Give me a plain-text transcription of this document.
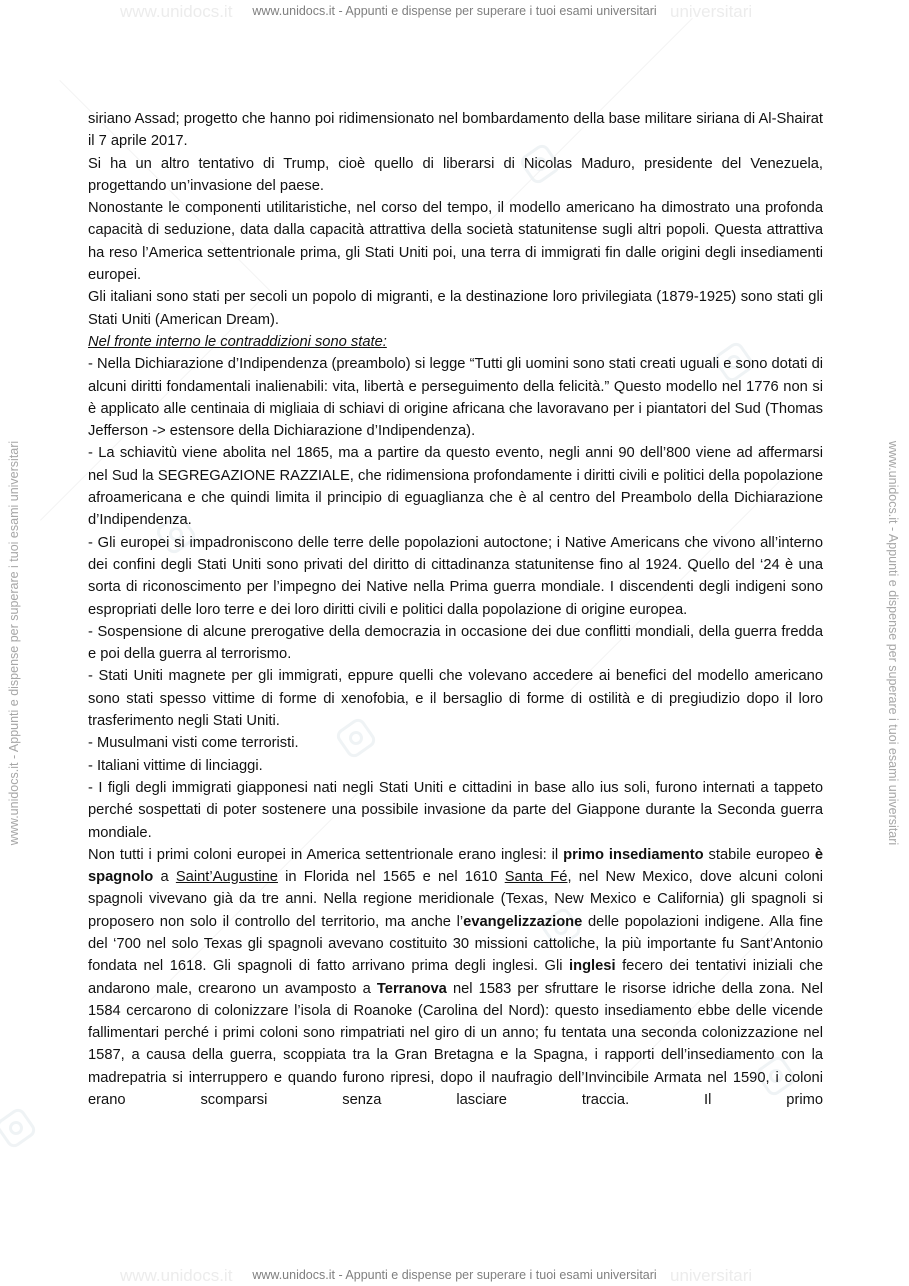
www.unidocs.it	universitari
www.unidocs.it	universitari
www.unidocs.it - Appunti e dispense per superare i tuoi esami universitari
www.unidocs.it - Appunti e dispense per superare i tuoi esami universitari	www.unidocs.it - Appunti e dispense per superare i tuoi esami universitari

siriano Assad; progetto che hanno poi ridimensionato nel bombardamento della base militare siriana di Al-Shairat il 7 aprile 2017.

Si ha un altro tentativo di Trump, cioè quello di liberarsi di Nicolas Maduro, presidente del Venezuela, progettando un’invasione del paese.

Nonostante le componenti utilitaristiche, nel corso del tempo, il modello americano ha dimostrato una profonda capacità di seduzione, data dalla capacità attrattiva della società statunitense sugli altri popoli. Questa attrattiva ha reso l’America settentrionale prima, gli Stati Uniti poi, una terra di immigrati fin dalle origini degli insediamenti europei.

Gli italiani sono stati per secoli un popolo di migranti, e la destinazione loro privilegiata (1879-1925) sono stati gli Stati Uniti (American Dream).

Nel fronte interno le contraddizioni sono state:

- Nella Dichiarazione d’Indipendenza (preambolo) si legge “Tutti gli uomini sono stati creati uguali e sono dotati di alcuni diritti fondamentali inalienabili: vita, libertà e perseguimento della felicità.” Questo modello nel 1776 non si è applicato alle centinaia di migliaia di schiavi di origine africana che lavoravano per i piantatori del Sud (Thomas Jefferson -> estensore della Dichiarazione d’Indipendenza).

- La schiavitù viene abolita nel 1865, ma a partire da questo evento, negli anni 90 dell’800 viene ad affermarsi nel Sud la SEGREGAZIONE RAZZIALE, che ridimensiona profondamente i diritti civili e politici della popolazione afroamericana e che quindi limita il principio di eguaglianza che è al centro del Preambolo della Dichiarazione d’Indipendenza.

- Gli europei si impadroniscono delle terre delle popolazioni autoctone; i Native Americans che vivono all’interno dei confini degli Stati Uniti sono privati del diritto di cittadinanza statunitense fino al 1924. Quello del ‘24 è una sorta di riconoscimento per l’impegno dei Native nella Prima guerra mondiale. I discendenti degli indigeni sono espropriati delle loro terre e dei loro diritti civili e politici dalla popolazione di origine europea.

- Sospensione di alcune prerogative della democrazia in occasione dei due conflitti mondiali, della guerra fredda e poi della guerra al terrorismo.

- Stati Uniti magnete per gli immigrati, eppure quelli che volevano accedere ai benefici del modello americano sono stati spesso vittime di forme di xenofobia, e il bersaglio di forme di ostilità e di pregiudizio dopo il loro trasferimento negli Stati Uniti.

- Musulmani visti come terroristi.

- Italiani vittime di linciaggi.

- I figli degli immigrati giapponesi nati negli Stati Uniti e cittadini in base allo ius soli, furono internati a tappeto perché sospettati di poter sostenere una possibile invasione da parte del Giappone durante la Seconda guerra mondiale.

Non tutti i primi coloni europei in America settentrionale erano inglesi: il primo insediamento stabile europeo è spagnolo a Saint’Augustine in Florida nel 1565 e nel 1610 Santa Fé, nel New Mexico, dove alcuni coloni spagnoli vivevano già da tre anni. Nella regione meridionale (Texas, New Mexico e California) gli spagnoli si proposero non solo il controllo del territorio, ma anche l’evangelizzazione delle popolazioni indigene. Alla fine del ‘700 nel solo Texas gli spagnoli avevano costituito 30 missioni cattoliche, la più importante fu Sant’Antonio fondata nel 1618. Gli spagnoli di fatto arrivano prima degli inglesi. Gli inglesi fecero dei tentativi iniziali che andarono male, crearono un avamposto a Terranova nel 1583 per sfruttare le risorse idriche della zona. Nel 1584 cercarono di colonizzare l’isola di Roanoke (Carolina del Nord): questo insediamento ebbe delle vicende fallimentari perché i primi coloni sono rimpatriati nel giro di un anno; fu tentata una seconda colonizzazione nel 1587, a causa della guerra, scoppiata tra la Gran Bretagna e la Spagna, i rapporti dell’insediamento con la madrepatria si interruppero e quando furono ripresi, dopo il naufragio dell’Invincibile Armata nel 1590, i coloni erano scomparsi senza lasciare traccia. Il primo

www.unidocs.it - Appunti e dispense per superare i tuoi esami universitari
